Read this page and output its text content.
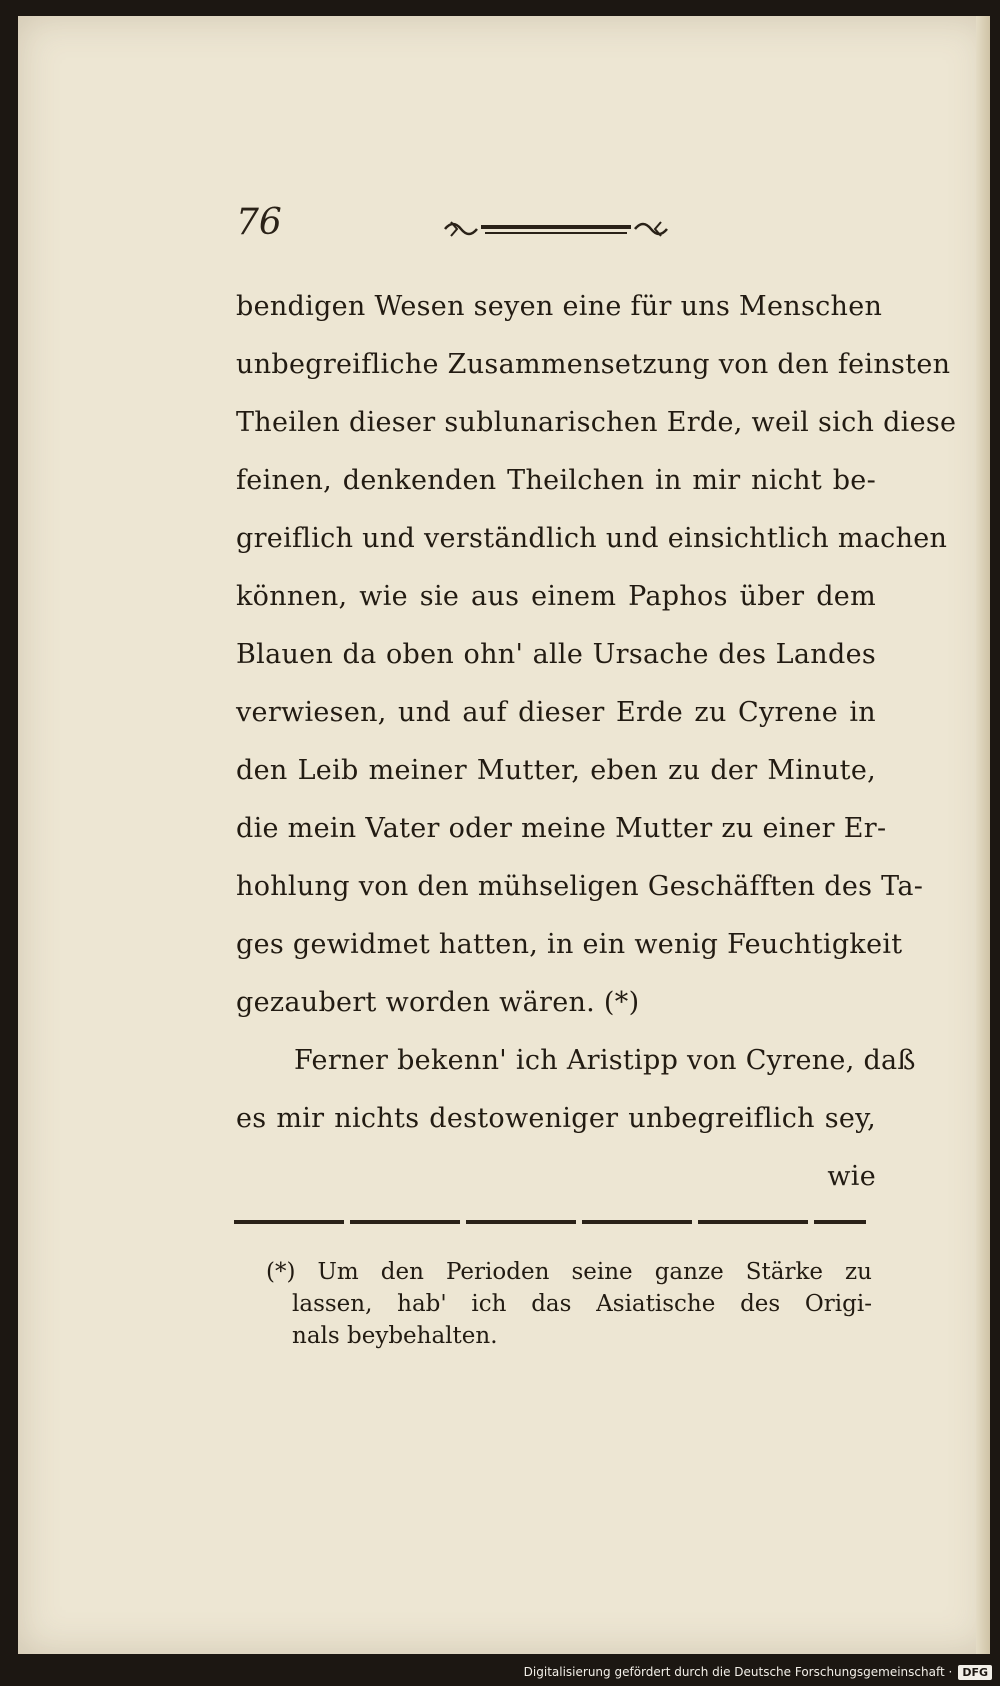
76
bendigen Wesen seyen eine für uns Menschen
unbegreifliche Zusammensetzung von den feinsten
Theilen dieser sublunarischen Erde, weil sich diese
feinen, denkenden Theilchen in mir nicht be-
greiflich und verständlich und einsichtlich machen
können, wie sie aus einem Paphos über dem
Blauen da oben ohn' alle Ursache des Landes
verwiesen, und auf dieser Erde zu Cyrene in
den Leib meiner Mutter, eben zu der Minute,
die mein Vater oder meine Mutter zu einer Er-
hohlung von den mühseligen Geschäfften des Ta-
ges gewidmet hatten, in ein wenig Feuchtigkeit
gezaubert worden wären. (*)
Ferner bekenn' ich Aristipp von Cyrene, daß
es mir nichts destoweniger unbegreiflich sey,
wie
(*) Um den Perioden seine ganze Stärke zu
lassen, hab' ich das Asiatische des Origi-
nals beybehalten.
Digitalisierung gefördert durch die Deutsche Forschungsgemeinschaft · DFG
